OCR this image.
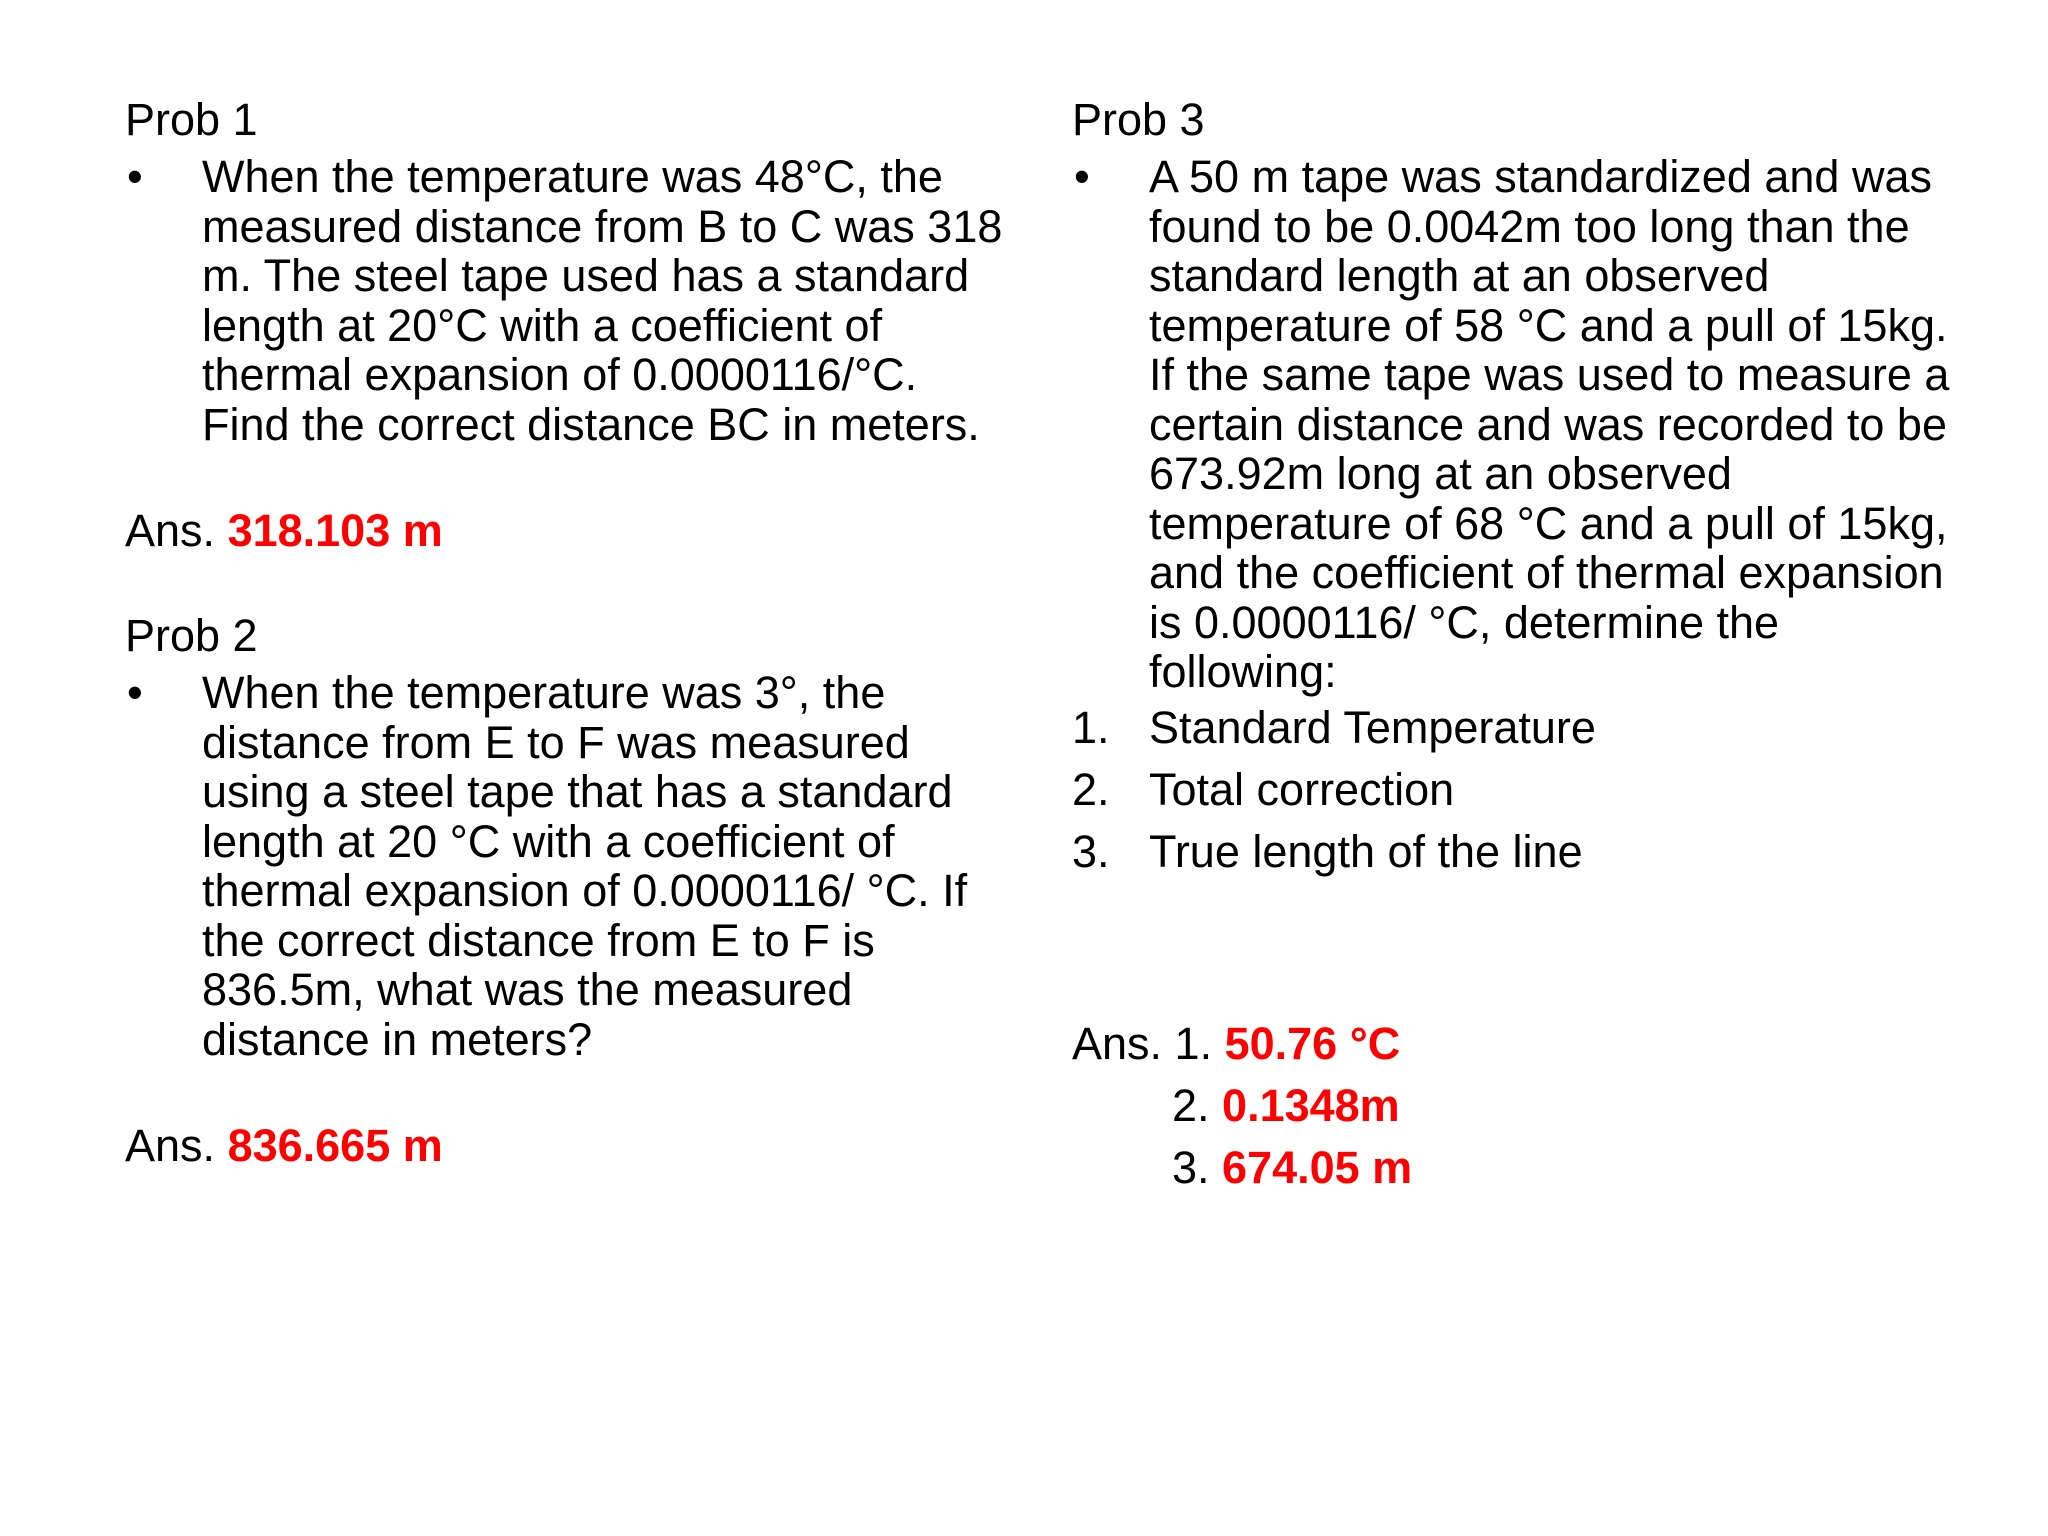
Prob 1
• When the temperature was 48°C, the measured distance from B to C was 318 m. The steel tape used has a standard length at 20°C with a coefficient of thermal expansion of 0.0000116/°C. Find the correct distance BC in meters.
Ans. 318.103 m
Prob 2
• When the temperature was 3°, the distance from E to F was measured using a steel tape that has a standard length at 20 °C with a coefficient of thermal expansion of 0.0000116/ °C. If the correct distance from E to F is 836.5m, what was the measured distance in meters?
Ans. 836.665 m
Prob 3
• A 50 m tape was standardized and was found to be 0.0042m too long than the standard length at an observed temperature of 58 °C and a pull of 15kg. If the same tape was used to measure a certain distance and was recorded to be 673.92m long at an observed temperature of 68 °C and a pull of 15kg, and the coefficient of thermal expansion is 0.0000116/ °C, determine the following:
1. Standard Temperature
2. Total correction
3. True length of the line
Ans. 1. 50.76 °C
2. 0.1348m
3. 674.05 m
